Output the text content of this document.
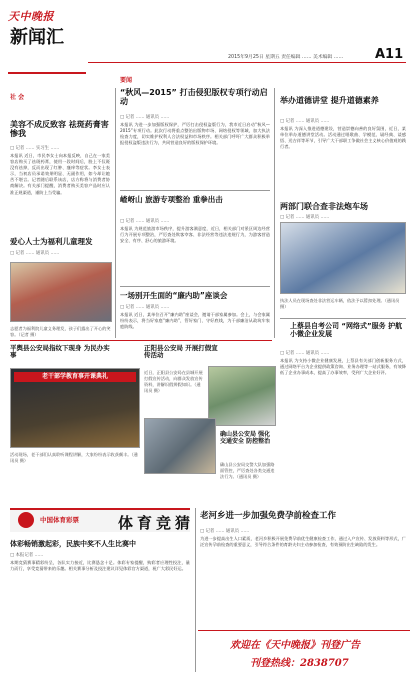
天中晚报
新闻汇
2015年9月25日 星期五 责任编辑 …… 美术编辑 ……	A11
社 会
要闻
美容不成反致容 祛斑药膏害惨我
□ 记者 …… 实习生 ……
本报讯 近日，市民李女士向本报反映，自己在一家美容店购买了祛斑药膏，使用一段时间后，脸上不仅斑没有祛掉，反而出现了红肿、瘙痒等症状。李女士表示，当初店员承诺效果明显、无副作用，如今却让她苦不堪言。记者随后联系该店，店方称将与消费者协商解决。有关部门提醒，消费者购买美容产品时应认准正规渠道，谨防上当受骗。
爱心人士为福利儿童理发
□ 记者 …… 通讯员 ……
志愿者为福利院儿童义务理发，孩子们露出了开心的笑容。（记者 摄）
“秋风—2015” 打击侵犯版权专项行动启动
□ 记者 …… 通讯员 ……
本报讯 为进一步加强版权保护，严厉打击侵权盗版行为，我市近日启动“秋风—2015”专项行动。此次行动将重点整治出版物市场、网络侵权等领域，加大执法检查力度，切实维护权利人合法权益和市场秩序。相关部门呼吁广大群众积极举报侵权盗版违法行为，共同营造良好的版权保护环境。
嵖岈山 旅游专项整治 重拳出击
□ 记者 …… 通讯员 ……
本报讯 为规范旅游市场秩序，提升游客满意度，近日，相关部门对景区周边经营行为开展专项整治，严厉查处欺客宰客、非法经营等违法违规行为，为游客营造安全、有序、舒心的旅游环境。
一场别开生面的“廉内助”座谈会
□ 记者 …… 通讯员 ……
本报讯 近日，某单位召开“廉内助”座谈会，邀请干部家属参加。会上，与会家属纷纷表示，将当好家庭“廉内助”，管好家门、守好底线，为干部廉洁从政筑牢家庭防线。
举办道德讲堂 提升道德素养
□ 记者 …… 通讯员 ……
本报讯 为深入推进道德建设，营造崇德向善的良好氛围，近日，某单位举办道德讲堂活动。活动通过唱歌曲、学模范、诵经典、谈感悟、送吉祥等环节，引导广大干部职工争做社会主义核心价值观的践行者。
两部门联合查非法炮车场
□ 记者 …… 通讯员 ……
执法人员在现场查处非法营运车辆，依法予以暂扣处理。（通讯员 摄）
上蔡县自考公司 “网络式”服务 护航小微企业发展
□ 记者 …… 通讯员 ……
本报讯 为支持小微企业健康发展，上蔡县有关部门创新服务方式，通过网络平台为企业提供政策咨询、业务办理等一站式服务，有效降低了企业办事成本，提高了办事效率，受到广大企业好评。
平舆县公安局指纹下现身 为民办实事
老干部学教育事开课典礼
活动现场，老干部们认真聆听课程讲解，大家纷纷表示收获颇丰。（通讯员 摄）
正阳县公安局 开展打假宣传活动
近日，正阳县公安局在县城开展打假宣传活动，向群众发放宣传资料，讲解识假辨假知识。（通讯员 摄）
确山县公安局 强化交通安全 防控整治
确山县公安局交警大队加强路面管控，严厉查处各类交通违法行为。（通讯员 摄）
中国体育彩票	体育竞猜
体彩畅销激起彩，民族中奖不人生比赛中
□ 本报记者 ……
本期竞猜赛事精彩纷呈，各队实力接近，比赛悬念十足。体彩专家提醒，购彩者应理性投注，量力而行，享受竞猜带来的乐趣。相关赛事分析及投注建议详见体彩官方渠道，祝广大彩民好运。
老河乡进一步加强免费孕前检查工作
□ 记者 …… 通讯员 ……
为进一步提高出生人口素质，老河乡积极开展免费孕前优生健康检查工作，通过入户宣传、发放资料等形式，广泛宣传孕前检查的重要意义，引导符合条件的育龄夫妇主动参加检查，有效预防出生缺陷的发生。
欢迎在《天中晚报》刊登广告
刊登热线：2838707
